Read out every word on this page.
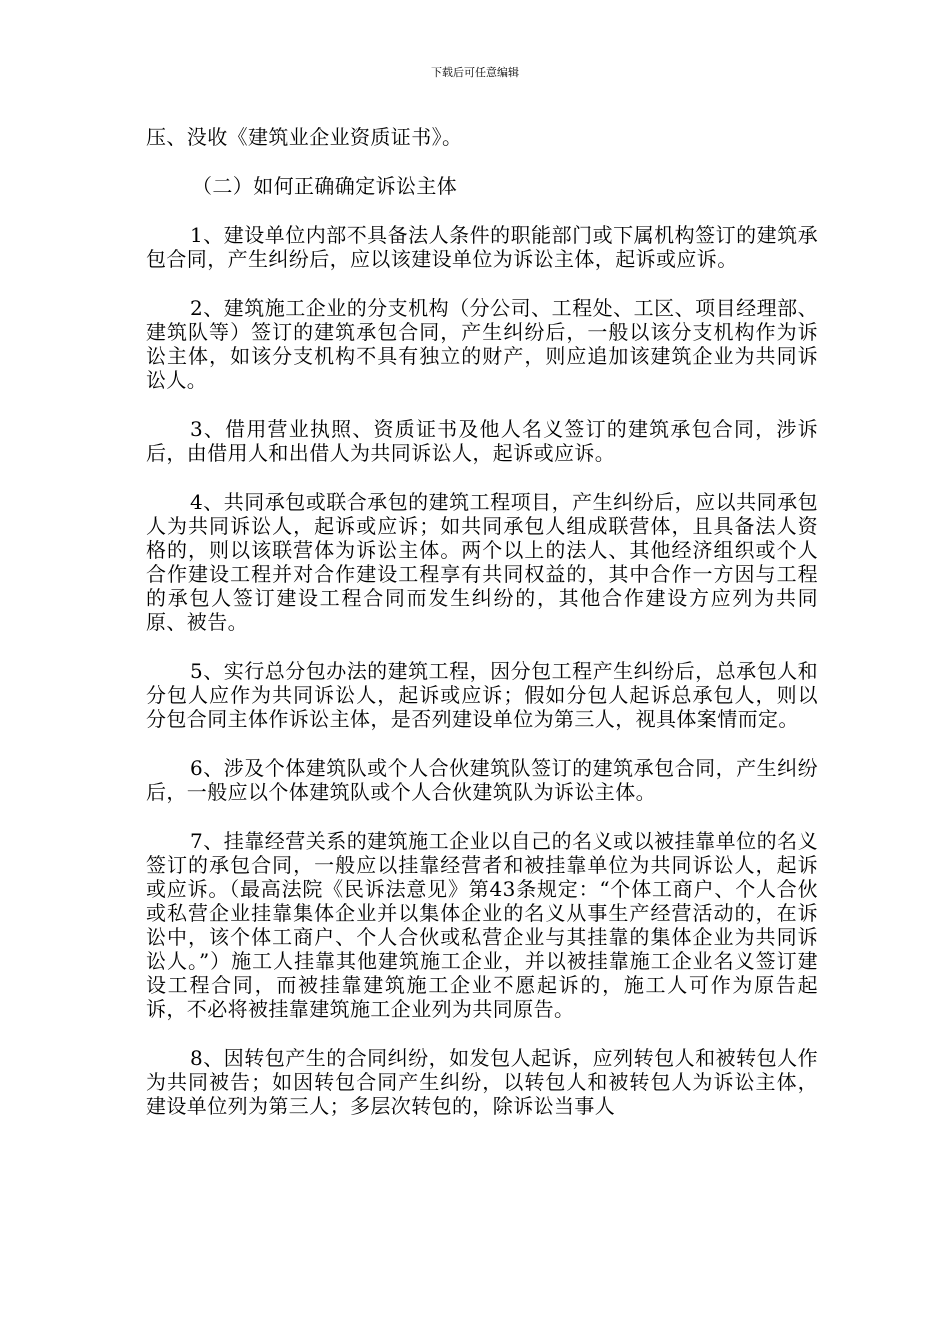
下载后可任意编辑

压、没收《建筑业企业资质证书》。

（二）如何正确确定诉讼主体

1、建设单位内部不具备法人条件的职能部门或下属机构签订的建筑承包合同，产生纠纷后，应以该建设单位为诉讼主体，起诉或应诉。

2、建筑施工企业的分支机构（分公司、工程处、工区、项目经理部、建筑队等）签订的建筑承包合同，产生纠纷后，一般以该分支机构作为诉讼主体，如该分支机构不具有独立的财产，则应追加该建筑企业为共同诉讼人。

3、借用营业执照、资质证书及他人名义签订的建筑承包合同，涉诉后，由借用人和出借人为共同诉讼人，起诉或应诉。

4、共同承包或联合承包的建筑工程项目，产生纠纷后，应以共同承包人为共同诉讼人，起诉或应诉；如共同承包人组成联营体，且具备法人资格的，则以该联营体为诉讼主体。两个以上的法人、其他经济组织或个人合作建设工程并对合作建设工程享有共同权益的，其中合作一方因与工程的承包人签订建设工程合同而发生纠纷的，其他合作建设方应列为共同原、被告。

5、实行总分包办法的建筑工程，因分包工程产生纠纷后，总承包人和分包人应作为共同诉讼人，起诉或应诉；假如分包人起诉总承包人，则以分包合同主体作诉讼主体，是否列建设单位为第三人，视具体案情而定。

6、涉及个体建筑队或个人合伙建筑队签订的建筑承包合同，产生纠纷后，一般应以个体建筑队或个人合伙建筑队为诉讼主体。

7、挂靠经营关系的建筑施工企业以自己的名义或以被挂靠单位的名义签订的承包合同，一般应以挂靠经营者和被挂靠单位为共同诉讼人，起诉或应诉。（最高法院《民诉法意见》第43条规定：“个体工商户、个人合伙或私营企业挂靠集体企业并以集体企业的名义从事生产经营活动的，在诉讼中，该个体工商户、个人合伙或私营企业与其挂靠的集体企业为共同诉讼人。”）施工人挂靠其他建筑施工企业，并以被挂靠施工企业名义签订建设工程合同，而被挂靠建筑施工企业不愿起诉的，施工人可作为原告起诉，不必将被挂靠建筑施工企业列为共同原告。

8、因转包产生的合同纠纷，如发包人起诉，应列转包人和被转包人作为共同被告；如因转包合同产生纠纷，以转包人和被转包人为诉讼主体，建设单位列为第三人；多层次转包的，除诉讼当事人
